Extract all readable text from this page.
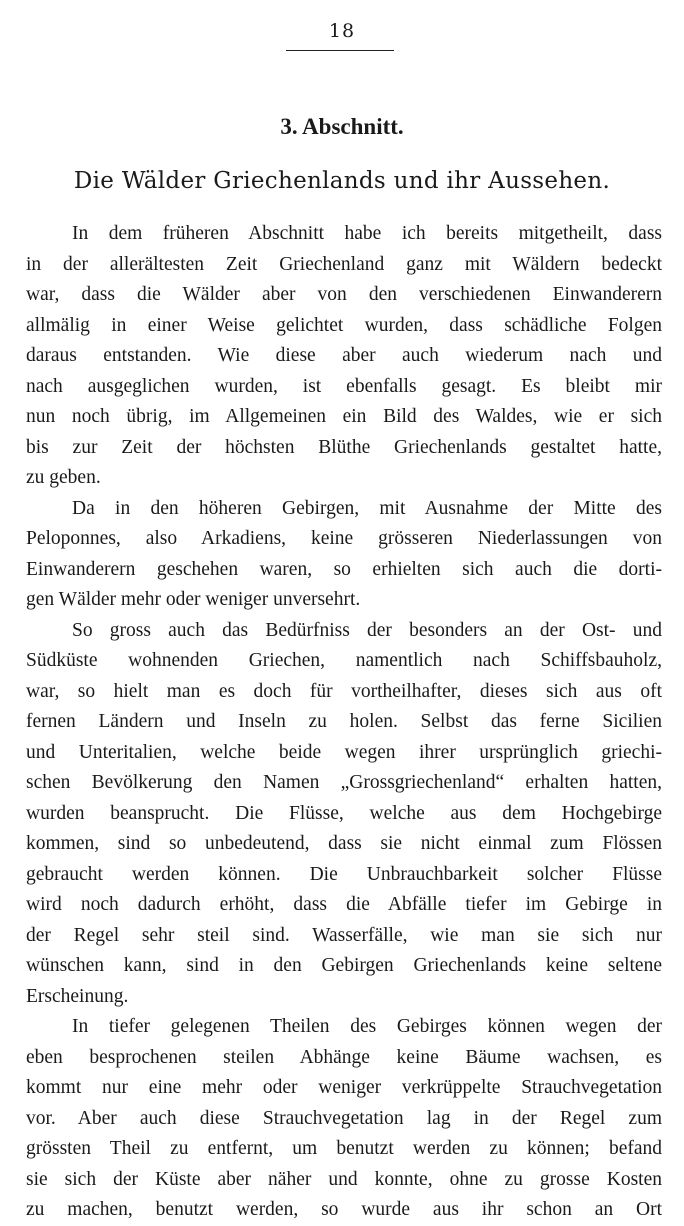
18
3. Abschnitt.
Die Wälder Griechenlands und ihr Aussehen.
In dem früheren Abschnitt habe ich bereits mitgetheilt, dass
in der allerältesten Zeit Griechenland ganz mit Wäldern bedeckt
war, dass die Wälder aber von den verschiedenen Einwanderern
allmälig in einer Weise gelichtet wurden, dass schädliche Folgen
daraus entstanden. Wie diese aber auch wiederum nach und
nach ausgeglichen wurden, ist ebenfalls gesagt. Es bleibt mir
nun noch übrig, im Allgemeinen ein Bild des Waldes, wie er sich
bis zur Zeit der höchsten Blüthe Griechenlands gestaltet hatte,
zu geben.
Da in den höheren Gebirgen, mit Ausnahme der Mitte des
Peloponnes, also Arkadiens, keine grösseren Niederlassungen von
Einwanderern geschehen waren, so erhielten sich auch die dorti-
gen Wälder mehr oder weniger unversehrt.
So gross auch das Bedürfniss der besonders an der Ost- und
Südküste wohnenden Griechen, namentlich nach Schiffsbauholz,
war, so hielt man es doch für vortheilhafter, dieses sich aus oft
fernen Ländern und Inseln zu holen. Selbst das ferne Sicilien
und Unteritalien, welche beide wegen ihrer ursprünglich griechi-
schen Bevölkerung den Namen „Grossgriechenland“ erhalten hatten,
wurden beansprucht. Die Flüsse, welche aus dem Hochgebirge
kommen, sind so unbedeutend, dass sie nicht einmal zum Flössen
gebraucht werden können. Die Unbrauchbarkeit solcher Flüsse
wird noch dadurch erhöht, dass die Abfälle tiefer im Gebirge in
der Regel sehr steil sind. Wasserfälle, wie man sie sich nur
wünschen kann, sind in den Gebirgen Griechenlands keine seltene
Erscheinung.
In tiefer gelegenen Theilen des Gebirges können wegen der
eben besprochenen steilen Abhänge keine Bäume wachsen, es
kommt nur eine mehr oder weniger verkrüppelte Strauchvegetation
vor. Aber auch diese Strauchvegetation lag in der Regel zum
grössten Theil zu entfernt, um benutzt werden zu können; befand
sie sich der Küste aber näher und konnte, ohne zu grosse Kosten
zu machen, benutzt werden, so wurde aus ihr schon an Ort
